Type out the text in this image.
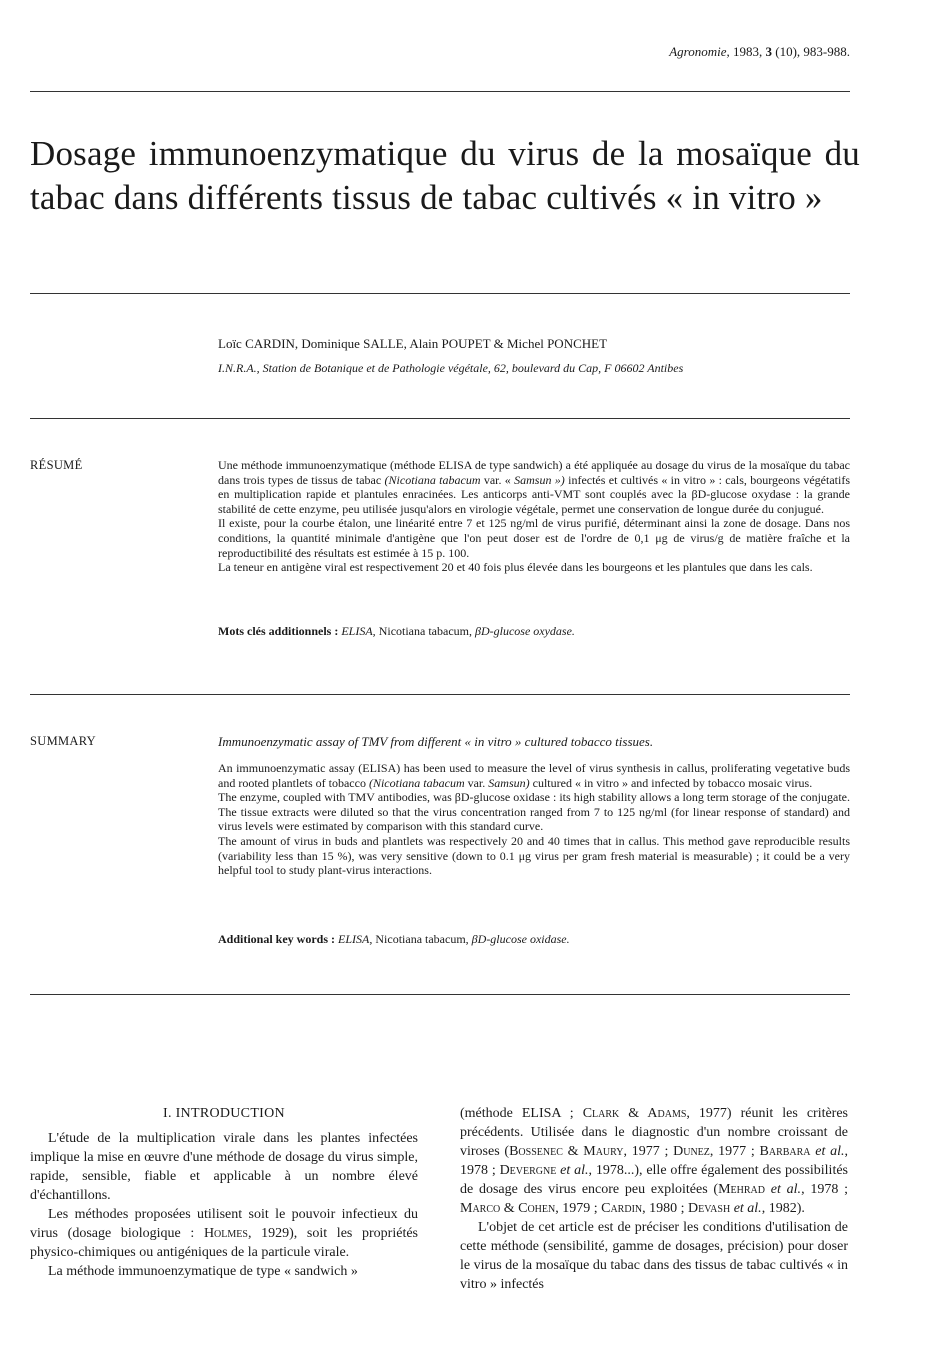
Agronomie, 1983, 3 (10), 983-988.
Dosage immunoenzymatique du virus de la mosaïque du tabac dans différents tissus de tabac cultivés « in vitro »
Loïc CARDIN, Dominique SALLE, Alain POUPET & Michel PONCHET
I.N.R.A., Station de Botanique et de Pathologie végétale, 62, boulevard du Cap, F 06602 Antibes
RÉSUMÉ	Une méthode immunoenzymatique (méthode ELISA de type sandwich) a été appliquée au dosage du virus de la mosaïque du tabac dans trois types de tissus de tabac (Nicotiana tabacum var. « Samsun ») infectés et cultivés « in vitro » : cals, bourgeons végétatifs en multiplication rapide et plantules enracinées. Les anticorps anti-VMT sont couplés avec la βD-glucose oxydase : la grande stabilité de cette enzyme, peu utilisée jusqu'alors en virologie végétale, permet une conservation de longue durée du conjugué.

Il existe, pour la courbe étalon, une linéarité entre 7 et 125 ng/ml de virus purifié, déterminant ainsi la zone de dosage. Dans nos conditions, la quantité minimale d'antigène que l'on peut doser est de l'ordre de 0,1 μg de virus/g de matière fraîche et la reproductibilité des résultats est estimée à 15 p. 100.

La teneur en antigène viral est respectivement 20 et 40 fois plus élevée dans les bourgeons et les plantules que dans les cals.

Mots clés additionnels : ELISA, Nicotiana tabacum, βD-glucose oxydase.
SUMMARY	Immunoenzymatic assay of TMV from different « in vitro » cultured tobacco tissues.

An immunoenzymatic assay (ELISA) has been used to measure the level of virus synthesis in callus, proliferating vegetative buds and rooted plantlets of tobacco (Nicotiana tabacum var. Samsun) cultured « in vitro » and infected by tobacco mosaic virus.

The enzyme, coupled with TMV antibodies, was βD-glucose oxidase : its high stability allows a long term storage of the conjugate. The tissue extracts were diluted so that the virus concentration ranged from 7 to 125 ng/ml (for linear response of standard) and virus levels were estimated by comparison with this standard curve.

The amount of virus in buds and plantlets was respectively 20 and 40 times that in callus. This method gave reproducible results (variability less than 15 %), was very sensitive (down to 0.1 μg virus per gram fresh material is measurable) ; it could be a very helpful tool to study plant-virus interactions.

Additional key words : ELISA, Nicotiana tabacum, βD-glucose oxidase.
I. INTRODUCTION

L'étude de la multiplication virale dans les plantes infectées implique la mise en œuvre d'une méthode de dosage du virus simple, rapide, sensible, fiable et applicable à un nombre élevé d'échantillons.

Les méthodes proposées utilisent soit le pouvoir infectieux du virus (dosage biologique : Holmes, 1929), soit les propriétés physico-chimiques ou antigéniques de la particule virale.

La méthode immunoenzymatique de type « sandwich »

(méthode ELISA ; Clark & Adams, 1977) réunit les critères précédents. Utilisée dans le diagnostic d'un nombre croissant de viroses (Bossenec & Maury, 1977 ; Dunez, 1977 ; Barbara et al., 1978 ; Devergne et al., 1978...), elle offre également des possibilités de dosage des virus encore peu exploitées (Mehrad et al., 1978 ; Marco & Cohen, 1979 ; Cardin, 1980 ; Devash et al., 1982).

L'objet de cet article est de préciser les conditions d'utilisation de cette méthode (sensibilité, gamme de dosages, précision) pour doser le virus de la mosaïque du tabac dans des tissus de tabac cultivés « in vitro » infectés
